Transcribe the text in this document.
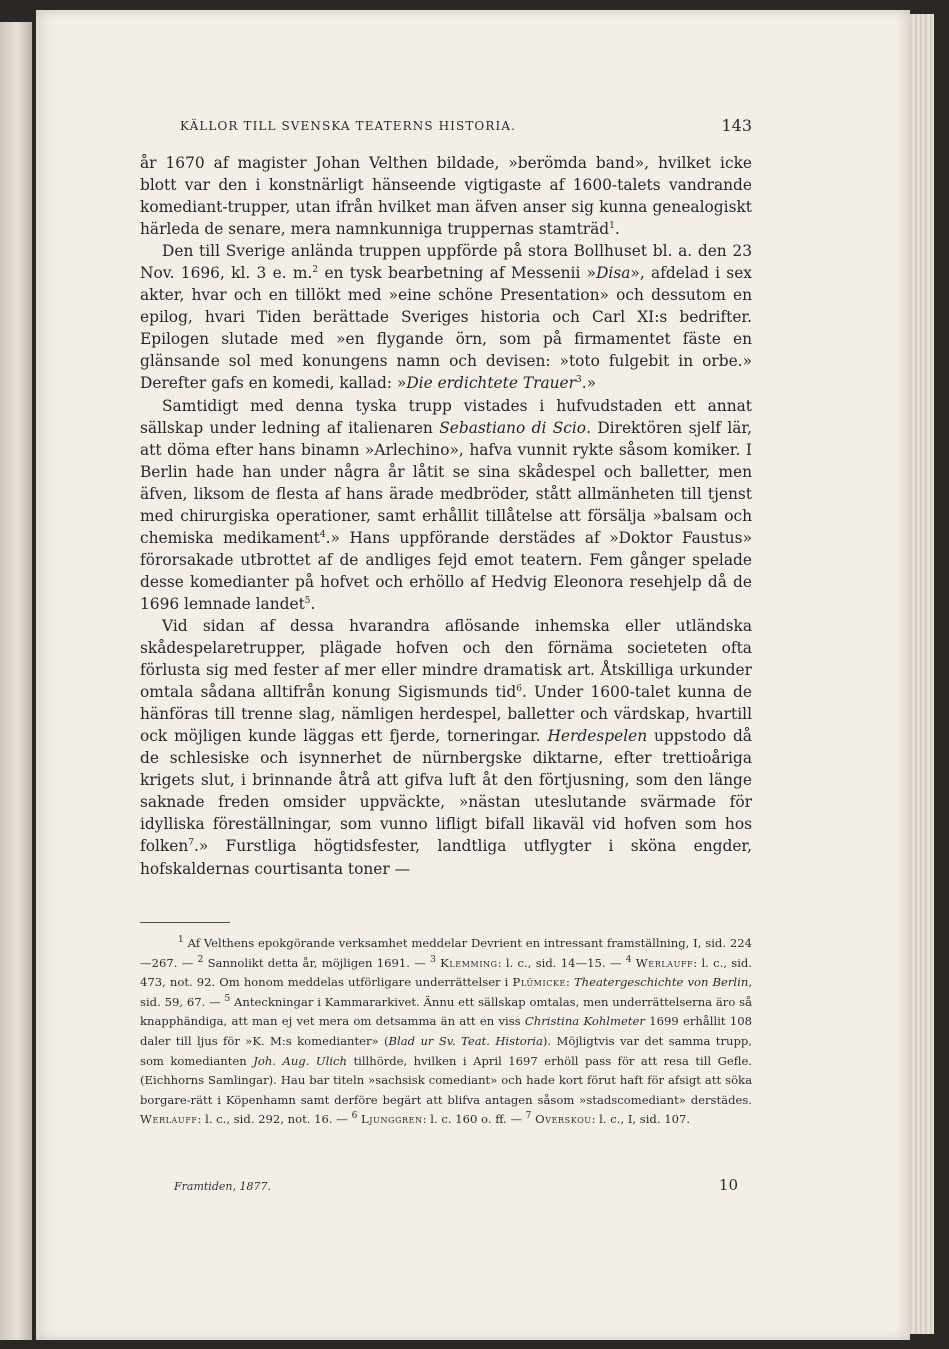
KÄLLOR TILL SVENSKA TEATERNS HISTORIA.	143

år 1670 af magister Johan Velthen bildade, »berömda band», hvilket icke blott var den i konstnärligt hänseende vigtigaste af 1600-talets vandrande komediant-trupper, utan ifrån hvilket man äfven anser sig kunna genealogiskt härleda de senare, mera namnkunniga truppernas stamträd$^1$.

Den till Sverige anlända truppen uppförde på stora Bollhuset bl. a. den 23 Nov. 1696, kl. 3 e. m.$^2$ en tysk bearbetning af Messenii »Disa», afdelad i sex akter, hvar och en tillökt med »eine schöne Presentation» och dessutom en epilog, hvari Tiden berättade Sveriges historia och Carl XI:s bedrifter. Epilogen slutade med »en flygande örn, som på firmamentet fäste en glänsande sol med konungens namn och devisen: »toto fulgebit in orbe.» Derefter gafs en komedi, kallad: »Die erdichtete Trauer$^3$.»

Samtidigt med denna tyska trupp vistades i hufvudstaden ett annat sällskap under ledning af italienaren Sebastiano di Scio. Direktören sjelf lär, att döma efter hans binamn »Arlechino», hafva vunnit rykte såsom komiker. I Berlin hade han under några år låtit se sina skådespel och balletter, men äfven, liksom de flesta af hans ärade medbröder, stått allmänheten till tjenst med chirurgiska operationer, samt erhållit tillåtelse att försälja »balsam och chemiska medikament$^4$.» Hans uppförande derstädes af »Doktor Faustus» förorsakade utbrottet af de andliges fejd emot teatern. Fem gånger spelade desse komedianter på hofvet och erhöllo af Hedvig Eleonora resehjelp då de 1696 lemnade landet$^5$.

Vid sidan af dessa hvarandra aflösande inhemska eller utländska skådespelaretrupper, plägade hofven och den förnäma societeten ofta förlusta sig med fester af mer eller mindre dramatisk art. Åtskilliga urkunder omtala sådana alltifrån konung Sigismunds tid$^6$. Under 1600-talet kunna de hänföras till trenne slag, nämligen herdespel, balletter och värdskap, hvartill ock möjligen kunde läggas ett fjerde, torneringar. Herdespelen uppstodo då de schlesiske och isynnerhet de nürnbergske diktarne, efter trettioåriga krigets slut, i brinnande åtrå att gifva luft åt den förtjusning, som den länge saknade freden omsider uppväckte, »nästan uteslutande svärmade för idylliska föreställningar, som vunno lifligt bifall likaväl vid hofven som hos folken$^7$.» Furstliga högtidsfester, landtliga utflygter i sköna engder, hofskaldernas courtisanta toner —

$^1$ Af Velthens epokgörande verksamhet meddelar Devrient en intressant framställning, I, sid. 224—267. — $^2$ Sannolikt detta år, möjligen 1691. — $^3$ Klemming: l. c., sid. 14—15. — $^4$ Werlauff: l. c., sid. 473, not. 92. Om honom meddelas utförligare underrättelser i Plümicke: Theatergeschichte von Berlin, sid. 59, 67. — $^5$ Anteckningar i Kammararkivet. Ännu ett sällskap omtalas, men underrättelserna äro så knapphändiga, att man ej vet mera om detsamma än att en viss Christina Kohlmeter 1699 erhållit 108 daler till ljus för »K. M:s komedianter» (Blad ur Sv. Teat. Historia). Möjligtvis var det samma trupp, som komedianten Joh. Aug. Ulich tillhörde, hvilken i April 1697 erhöll pass för att resa till Gefle. (Eichhorns Samlingar). Hau bar titeln »sachsisk comediant» och hade kort förut haft för afsigt att söka borgare-rätt i Köpenhamn samt derföre begärt att blifva antagen såsom »stadscomediant» derstädes. Werlauff: l. c., sid. 292, not. 16. — $^6$ Ljunggren: l. c. 160 o. ff. — $^7$ Overskou: l. c., I, sid. 107.

Framtiden, 1877.	10
